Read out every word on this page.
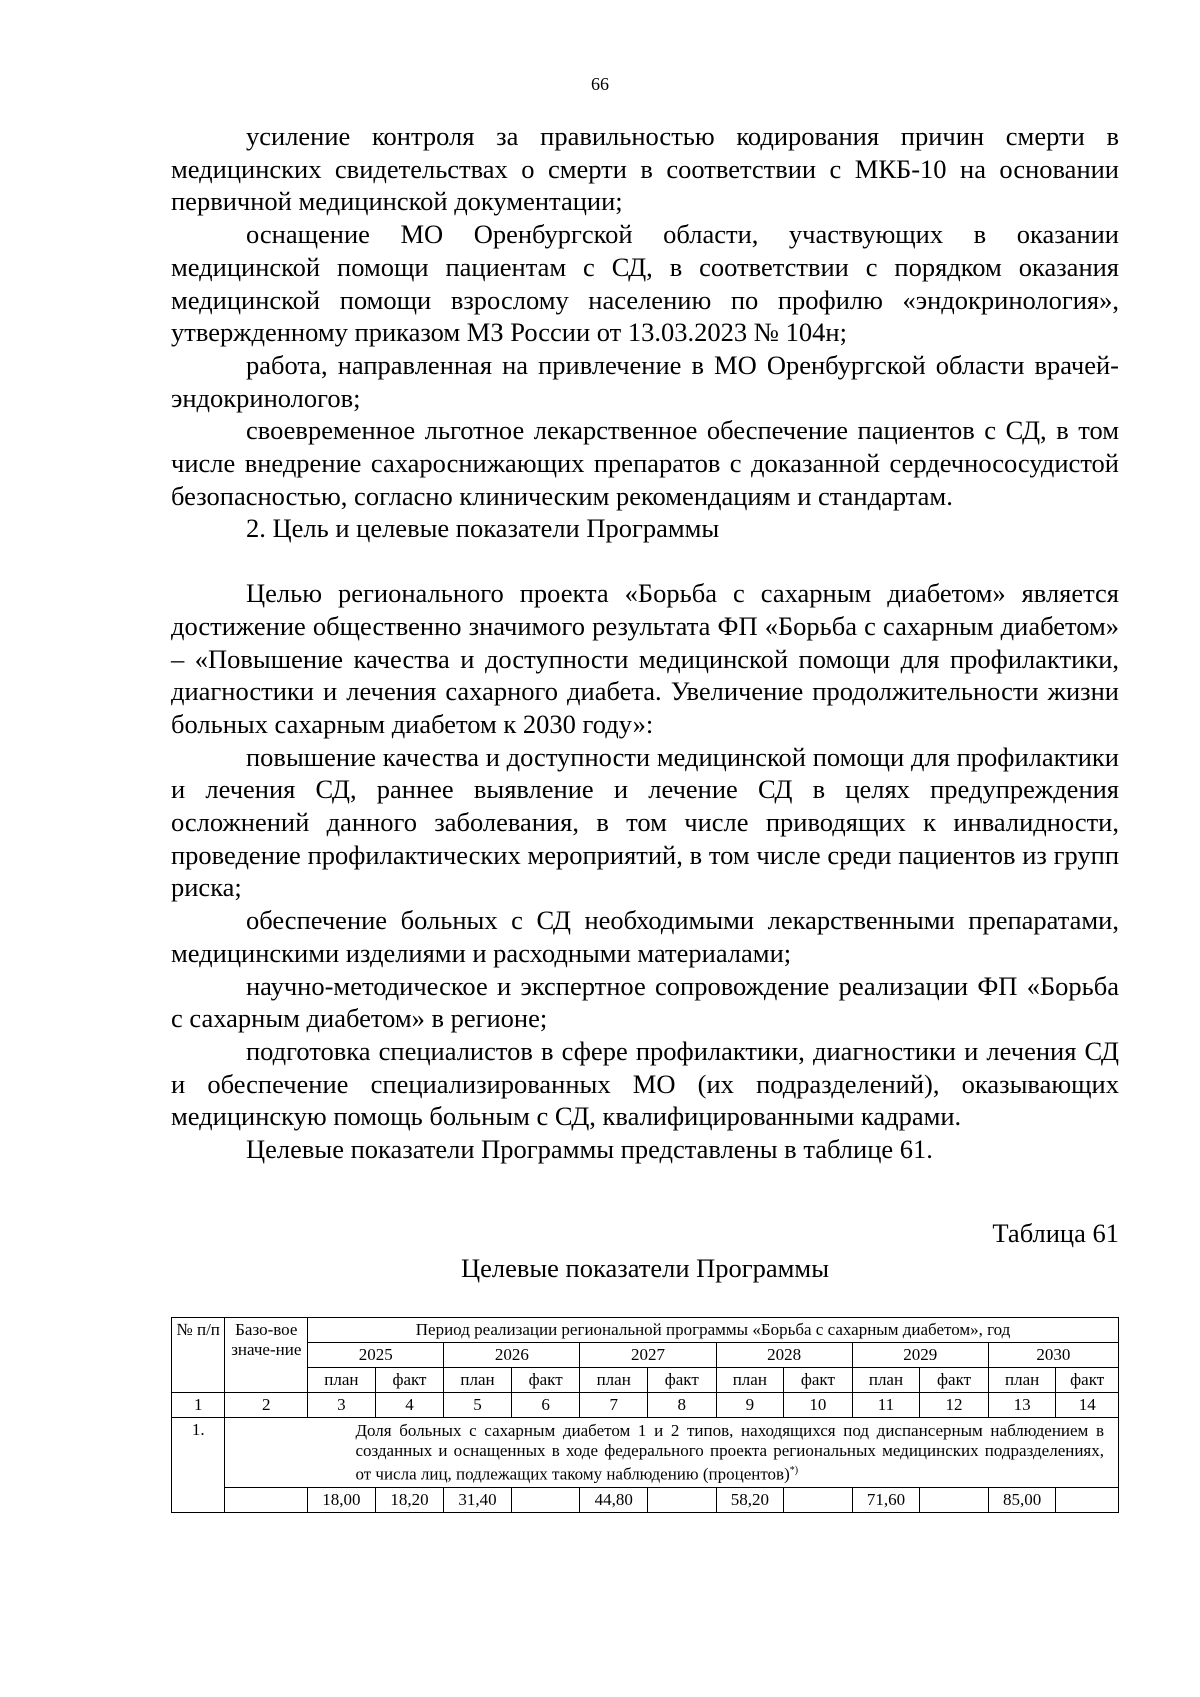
66

усиление контроля за правильностью кодирования причин смерти в медицинских свидетельствах о смерти в соответствии с МКБ-10 на основании первичной медицинской документации;

оснащение МО Оренбургской области, участвующих в оказании медицинской помощи пациентам с СД, в соответствии с порядком оказания медицинской помощи взрослому населению по профилю «эндокринология», утвержденному приказом МЗ России от 13.03.2023 № 104н;

работа, направленная на привлечение в МО Оренбургской области врачей-эндокринологов;

своевременное льготное лекарственное обеспечение пациентов с СД, в том числе внедрение сахароснижающих препаратов с доказанной сердечнососудистой безопасностью, согласно клиническим рекомендациям и стандартам.

2. Цель и целевые показатели Программы

Целью регионального проекта «Борьба с сахарным диабетом» является достижение общественно значимого результата ФП «Борьба с сахарным диабетом» – «Повышение качества и доступности медицинской помощи для профилактики, диагностики и лечения сахарного диабета. Увеличение продолжительности жизни больных сахарным диабетом к 2030 году»:

повышение качества и доступности медицинской помощи для профилактики и лечения СД, раннее выявление и лечение СД в целях предупреждения осложнений данного заболевания, в том числе приводящих к инвалидности, проведение профилактических мероприятий, в том числе среди пациентов из групп риска;

обеспечение больных с СД необходимыми лекарственными препаратами, медицинскими изделиями и расходными материалами;

научно-методическое и экспертное сопровождение реализации ФП «Борьба с сахарным диабетом» в регионе;

подготовка специалистов в сфере профилактики, диагностики и лечения СД и обеспечение специализированных МО (их подразделений), оказывающих медицинскую помощь больным с СД, квалифицированными кадрами.

Целевые показатели Программы представлены в таблице 61.

Таблица 61
Целевые показатели Программы
№ п/п	Базо-вое значе-ние	Период реализации региональной программы «Борьба с сахарным диабетом», год											
		2025		2026		2027		2028		2029		2030	
		план	факт	план	факт	план	факт	план	факт	план	факт	план	факт
1	2	3	4	5	6	7	8	9	10	11	12	13	14
1.	Доля больных с сахарным диабетом 1 и 2 типов, находящихся под диспансерным наблюдением в созданных и оснащенных в ходе федерального проекта региональных медицинских подразделениях, от числа лиц, подлежащих такому наблюдению (процентов)*)
		18,00	18,20	31,40		44,80		58,20		71,60		85,00	
